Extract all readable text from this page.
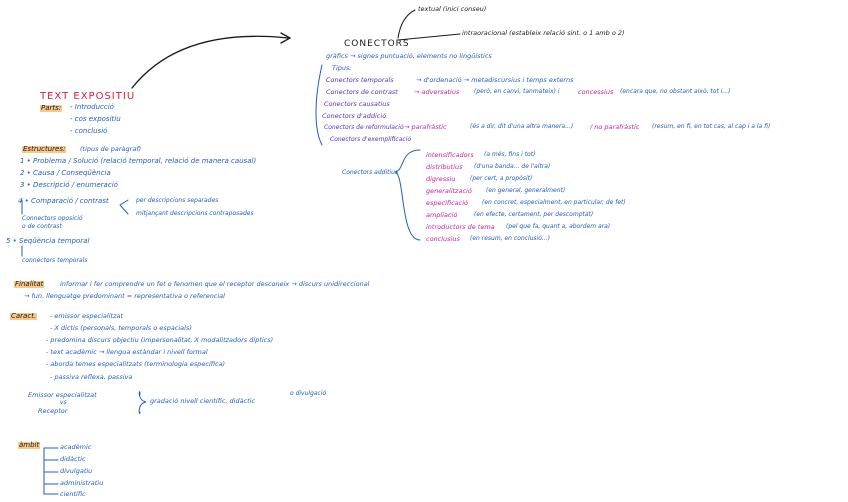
TEXT EXPOSITIU
Parts: - Introducció
- cos expositiu
- conclusió
Estructures: (tipus de paràgraf)
1 • Problema / Solució (relació temporal, relació de manera causal)
2 • Causa / Conseqüència
3 • Descripció / enumeració
4 • Comparació / contrast	per descripcions separades
mitjançant descripcions contraposades
Connectors oposició
o de contrast
5 • Seqüència temporal
connectors temporals
Finalitat	informar i fer comprendre un fet o fenomen que el receptor desconeix → discurs unidireccional
→ fun. llenguatge predominant = representativa o referencial
Caract. - emissor especialitzat
- X dictis (personals, temporals o espacials)
- predomina discurs objectiu (impersonalitat, X modalitzadors díptics)
- text acadèmic → llengua estàndar i nivell formal
- aborda temes especialitzats (terminologia específica)
- passiva reflexa, passiva
Emissor especialitzat
vs
Receptor
gradació nivell científic, didàctic
o divulgació
àmbit	acadèmic
didàctic
divulgatiu
administratiu
científic
textual (inici conseu)
intraoracional (estableix relació sint. o 1 amb o 2)
CONECTORS
gràfics → signes puntuació, elements no lingüístics
Tipus:
Conectors temporals	→ d'ordenació → metadiscursius i temps externs
Conectors de contrast → adversatius (però, en canvi, tanmateix) i	concessius (encara que, no obstant això, tot i...)
Conectors causatius
Conectors d'addició
Conectors de reformulació → parafràstic	(és a dir, dit d'una altra manera...)	/ no parafràstic (resum, en fi, en tot cas, al cap i a la fi)
Conectors d'exemplificació
Conectors additius
intensificadors (a més, fins i tot)
distributius (d'una banda... de l'altra)
digressiu (per cert, a propòsit)
generalització (en general, generalment)
especificació (en concret, especialment, en particular, de fet)
ampliació	(en efecte, certament, per descomptat)
introductors de tema (pel que fa, quant a, abordem ara)
conclusius (en resum, en conclusió...)
